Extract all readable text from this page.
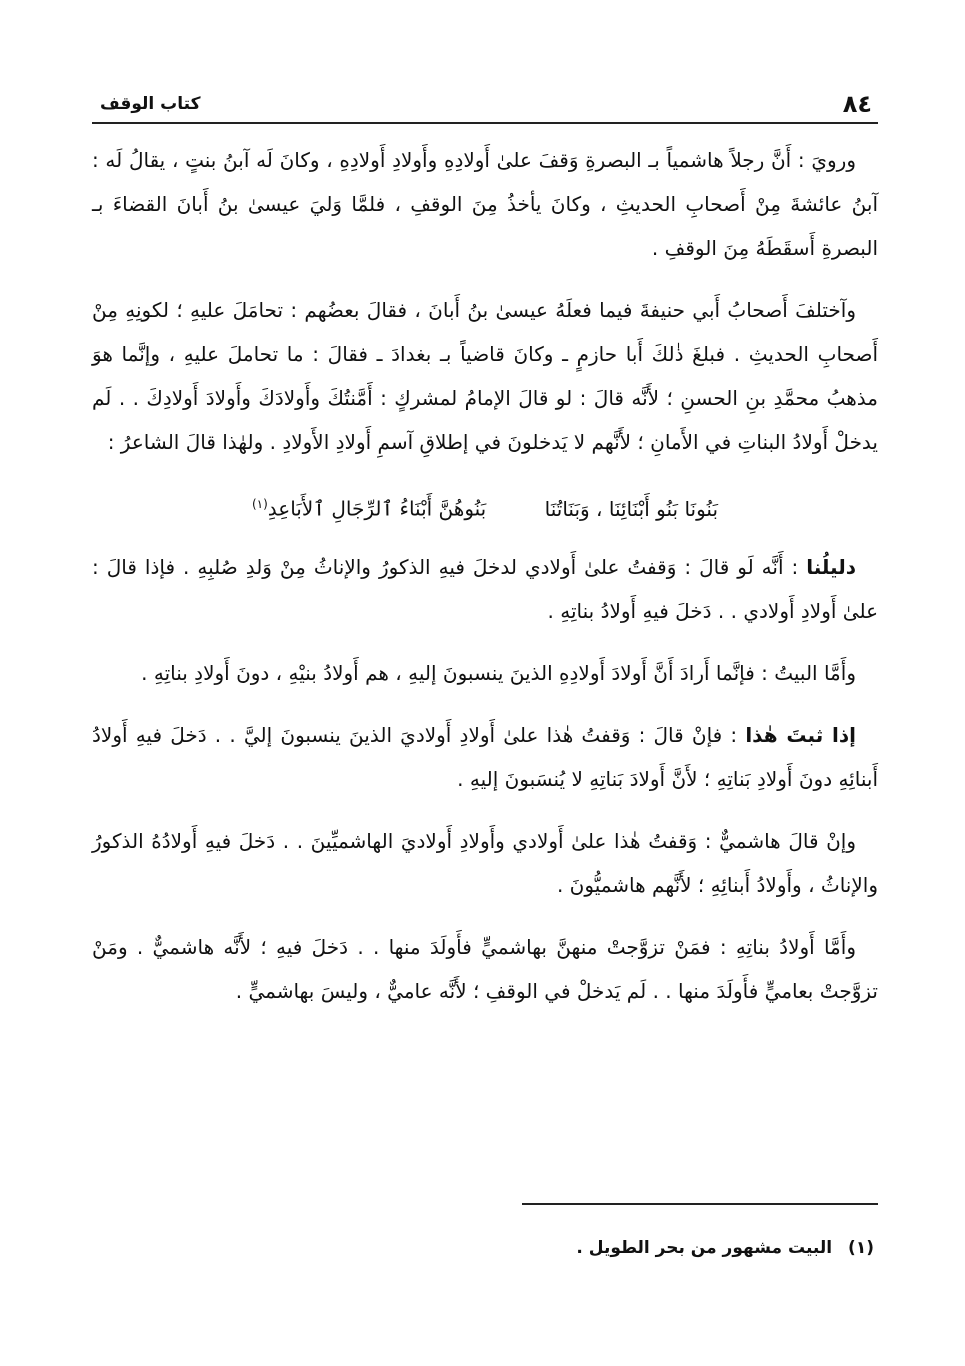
٨٤
كتاب الوقف

ورويَ : أَنَّ رجلاً هاشمياً بـ البصرةِ وَقفَ علىٰ أَولادِهِ وأَولادِ أَولادِهِ ، وكانَ لَه آبنُ بنتٍ ، يقالُ لَه : آبنُ عائشةَ مِنْ أَصحابِ الحديثِ ، وكانَ يأخذُ مِنَ الوقفِ ، فلمَّا وَليَ عيسىٰ بنُ أَبانَ القضاءَ بـ البصرةِ أَسقَطَهُ مِنَ الوقفِ .

وآختلفَ أَصحابُ أَبي حنيفةَ فيما فعلَهُ عيسىٰ بنُ أَبانَ ، فقالَ بعضُهم : تحامَلَ عليهِ ؛ لكونِهِ مِنْ أَصحابِ الحديثِ . فبلغَ ذٰلكَ أَبا حازمٍ ـ وكانَ قاضياً بـ بغدادَ ـ فقالَ : ما تحاملَ عليهِ ، وإنَّما هوَ مذهبُ محمَّدِ بنِ الحسنِ ؛ لأَنَّه قالَ : لو قالَ الإمامُ لمشركٍ : أَمَّنتُكَ وأَولادَكَ وأَولادَ أَولادِكَ . . لَم يدخلْ أَولادُ البناتِ في الأَمانِ ؛ لأَنَّهم لا يَدخلونَ في إطلاقِ آسمِ أَولادِ الأَولادِ . ولهٰذا قالَ الشاعرُ :

بَنُونَا بَنُو أَبْنَائِنَا ، وَبَنَاتُنَا بَنُوهُنَّ أَبْنَاءُ ٱلرِّجَالِ ٱلأَبَاعِدِ$^{(١)}$

دليلُنا : أَنَّه لَو قالَ : وَقفتُ علىٰ أَولادي لدخلَ فيهِ الذكورُ والإناثُ مِنْ وَلدِ صُلبِهِ . فإذا قالَ : علىٰ أَولادِ أَولادي . . دَخلَ فيهِ أَولادُ بناتِهِ .

وأَمَّا البيتُ : فإنَّما أَرادَ أَنَّ أَولادَ أَولادِهِ الذينَ ينسبونَ إليهِ ، هم أَولادُ بنيْهِ ، دونَ أَولادِ بناتِهِ .

إذا ثبتَ هٰذا : فإنْ قالَ : وَقفتُ هٰذا علىٰ أَولادِ أَولاديَ الذينَ ينسبونَ إليَّ . . دَخلَ فيهِ أَولادُ أَبنائِهِ دونَ أَولادِ بَناتِهِ ؛ لأَنَّ أَولادَ بَناتِهِ لا يُنسَبونَ إليهِ .

وإنْ قالَ هاشميٌّ : وَقفتُ هٰذا علىٰ أَولادي وأَولادِ أَولاديَ الهاشميِّينَ . . دَخلَ فيهِ أَولادُهُ الذكورُ والإناثُ ، وأَولادُ أَبنائِهِ ؛ لأَنَّهم هاشميُّونَ .

وأَمَّا أَولادُ بناتِهِ : فمَنْ تزوَّجتْ منهنَّ بهاشميٍّ فأَولَدَ منها . . دَخلَ فيهِ ؛ لأَنَّه هاشميٌّ . ومَنْ تزوَّجتْ بعاميٍّ فأَولَدَ منها . . لَم يَدخلْ في الوقفِ ؛ لأَنَّه عاميٌّ ، وليسَ بهاشميٍّ .

(١)البيت مشهور من بحر الطويل .
